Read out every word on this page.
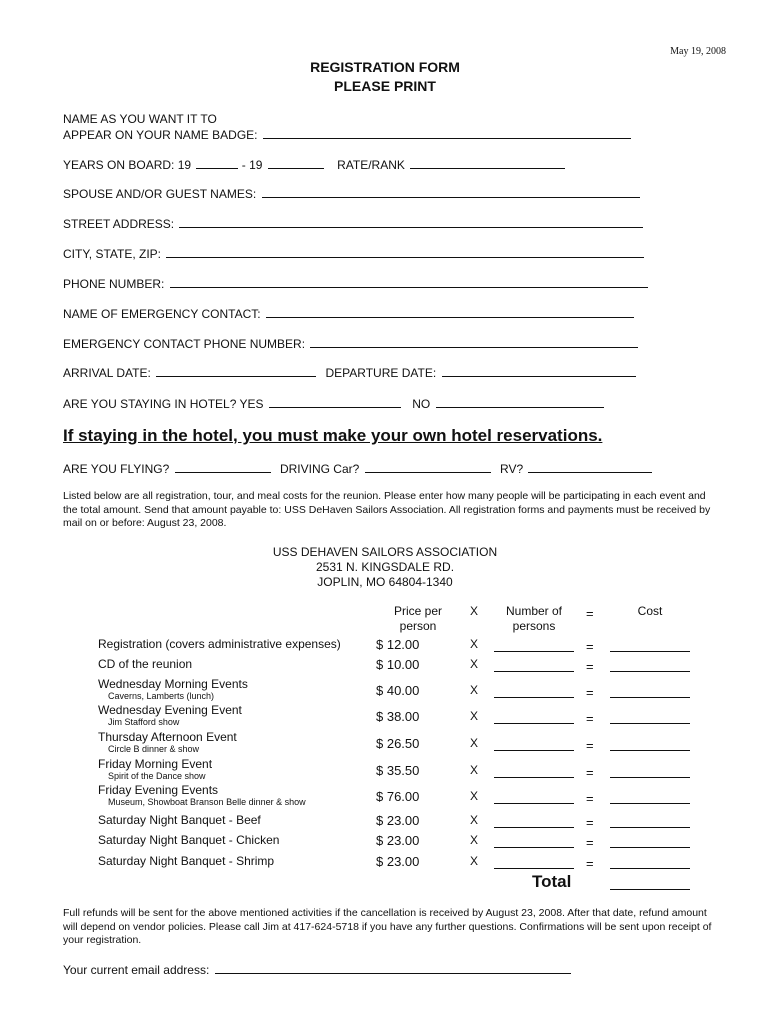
May 19, 2008
REGISTRATION FORM
PLEASE PRINT
NAME AS YOU WANT IT TO
APPEAR ON YOUR NAME BADGE:
YEARS ON BOARD: 19	- 19	RATE/RANK
SPOUSE AND/OR GUEST NAMES:
STREET ADDRESS:
CITY, STATE, ZIP:
PHONE NUMBER:
NAME OF EMERGENCY CONTACT:
EMERGENCY CONTACT PHONE NUMBER:
ARRIVAL DATE:	DEPARTURE DATE:
ARE YOU STAYING IN HOTEL? YES	NO
If staying in the hotel, you must make your own hotel reservations.
ARE YOU FLYING?	DRIVING Car?	RV?
Listed below are all registration, tour, and meal costs for the reunion. Please enter how many people will be participating in each event and the total amount. Send that amount payable to: USS DeHaven Sailors Association. All registration forms and payments must be received by mail on or before: August 23, 2008.
USS DEHAVEN SAILORS ASSOCIATION
2531 N. KINGSDALE RD.
JOPLIN, MO 64804-1340
Price per
person
X	Number of
persons
=	Cost
Registration (covers administrative expenses)	$ 12.00	X	=
CD of the reunion	$ 10.00	X	=
Wednesday Morning Events
Caverns, Lamberts (lunch)	$ 40.00	X	=
Wednesday Evening Event
Jim Stafford show	$ 38.00	X	=
Thursday Afternoon Event
Circle B dinner & show	$ 26.50	X	=
Friday Morning Event
Spirit of the Dance show	$ 35.50	X	=
Friday Evening Events
Museum, Showboat Branson Belle dinner & show	$ 76.00	X	=
Saturday Night Banquet - Beef	$ 23.00	X	=
Saturday Night Banquet - Chicken	$ 23.00	X	=
Saturday Night Banquet - Shrimp	$ 23.00	X	=
Total
Full refunds will be sent for the above mentioned activities if the cancellation is received by August 23, 2008. After that date, refund amount will depend on vendor policies. Please call Jim at 417-624-5718 if you have any further questions. Confirmations will be sent upon receipt of your registration.
Your current email address:
